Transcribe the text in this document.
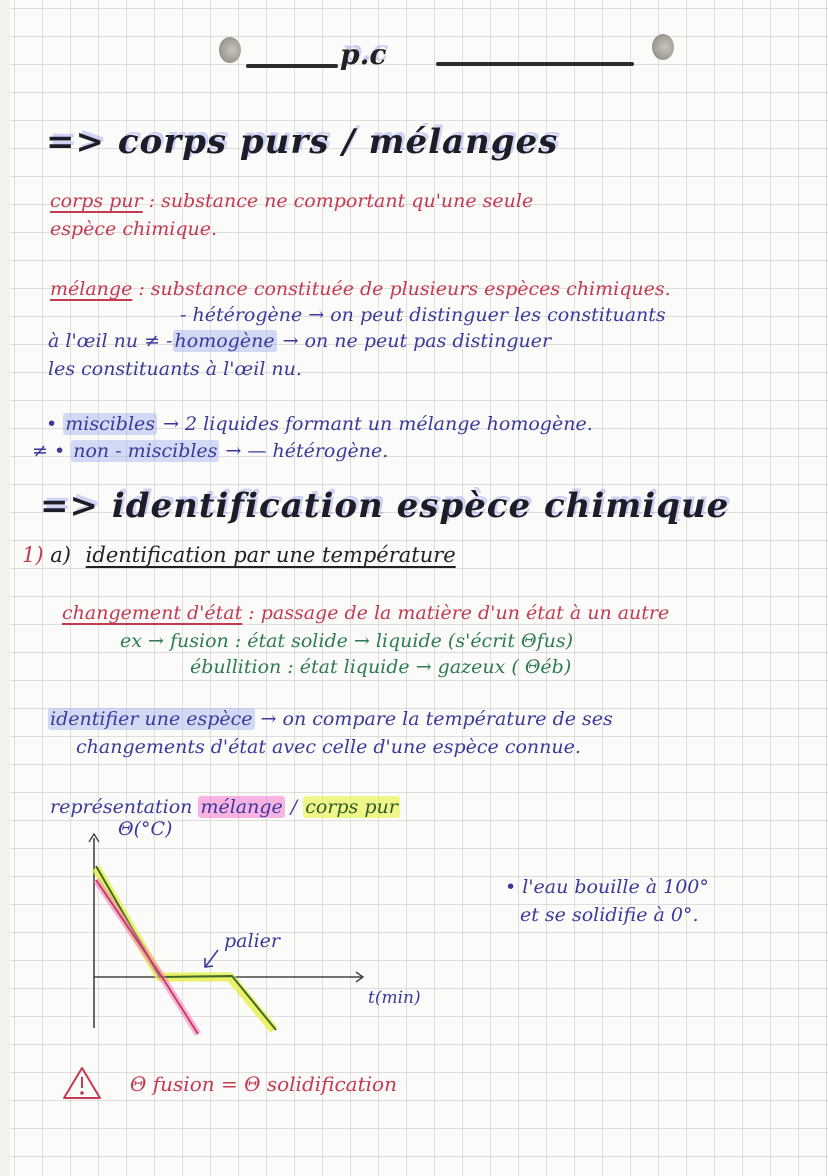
p.c
=> corps purs / mélanges
corps pur : substance ne comportant qu'une seule
espèce chimique.
mélange : substance constituée de plusieurs espèces chimiques.
- hétérogène → on peut distinguer les constituants
à l'œil nu ≠ - homogène → on ne peut pas distinguer
les constituants à l'œil nu.
• miscibles → 2 liquides formant un mélange homogène.
≠ • non - miscibles → — hétérogène.
=> identification espèce chimique
1) a) identification par une température
changement d'état : passage de la matière d'un état à un autre
ex → fusion : état solide → liquide (s'écrit Θfus)
ébullition : état liquide → gazeux ( Θéb)
identifier une espèce → on compare la température de ses
changements d'état avec celle d'une espèce connue.
représentation mélange / corps pur
Θ(°C)
t(min)
palier
• l'eau bouille à 100°
et se solidifie à 0°.
Θ fusion = Θ solidification
